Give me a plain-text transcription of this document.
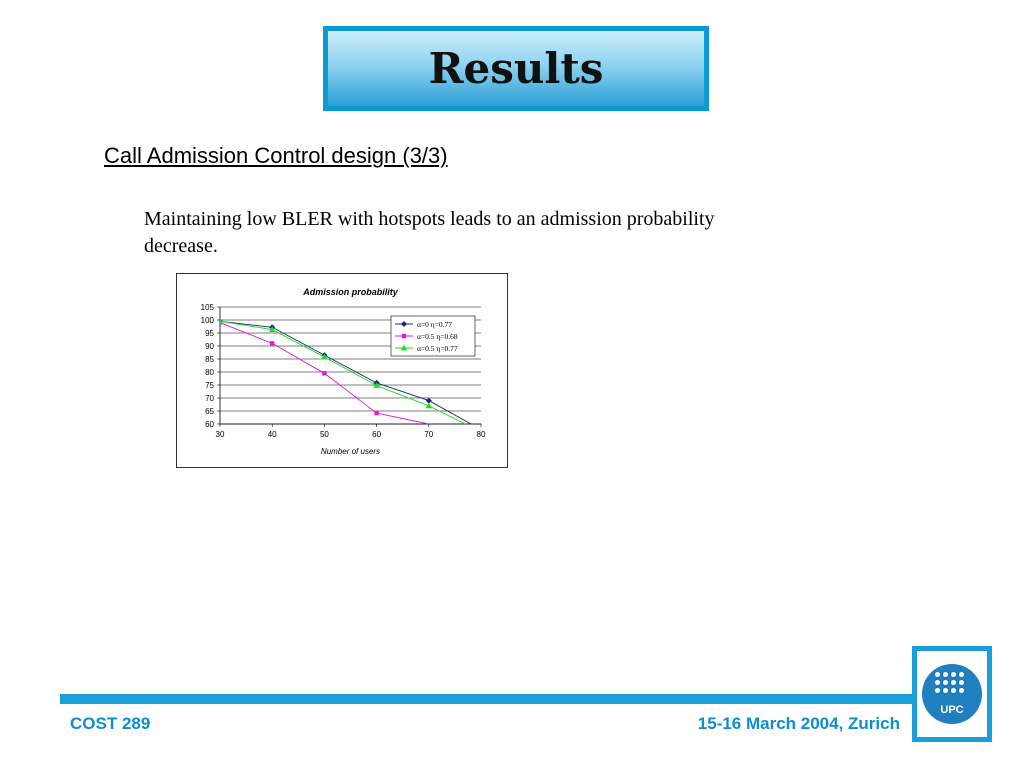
Results
Call Admission Control design (3/3)
Maintaining low BLER with hotspots leads to an admission probability decrease.
Admission probability
60
65
70
75
80
85
90
95
100
105
30	40	50	60	70	80
Number of users
α=0 η=0.77
α=0.5 η=0.68
α=0.5 η=0.77
COST 289	15-16 March 2004, Zurich
UPC
